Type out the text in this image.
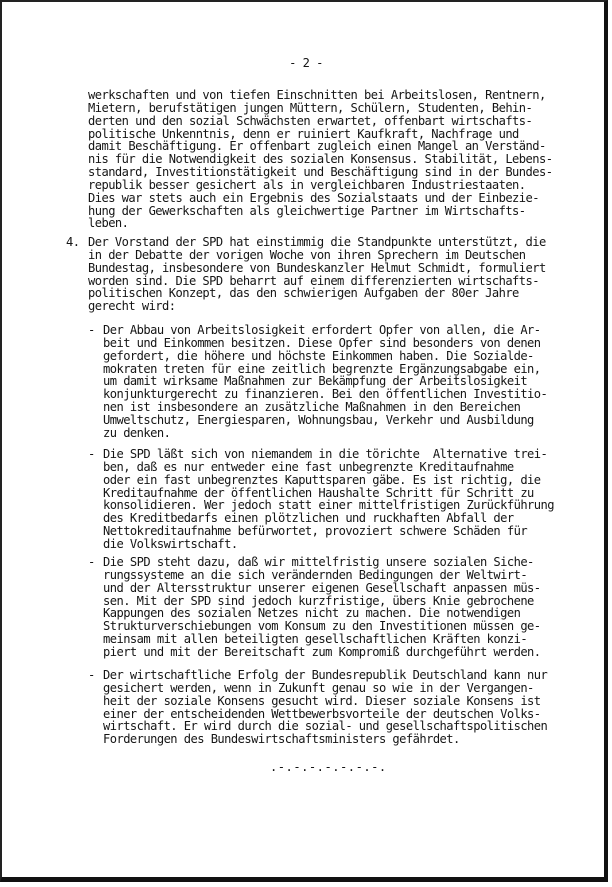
- 2 -
werkschaften und von tiefen Einschnitten bei Arbeitslosen, Rentnern,
Mietern, berufstätigen jungen Müttern, Schülern, Studenten, Behin-
derten und den sozial Schwächsten erwartet, offenbart wirtschafts-
politische Unkenntnis, denn er ruiniert Kaufkraft, Nachfrage und
damit Beschäftigung. Er offenbart zugleich einen Mangel an Verständ-
nis für die Notwendigkeit des sozialen Konsensus. Stabilität, Lebens-
standard, Investitionstätigkeit und Beschäftigung sind in der Bundes-
republik besser gesichert als in vergleichbaren Industriestaaten.
Dies war stets auch ein Ergebnis des Sozialstaats und der Einbezie-
hung der Gewerkschaften als gleichwertige Partner im Wirtschafts-
leben.
4. Der Vorstand der SPD hat einstimmig die Standpunkte unterstützt, die
in der Debatte der vorigen Woche von ihren Sprechern im Deutschen
Bundestag, insbesondere von Bundeskanzler Helmut Schmidt, formuliert
worden sind. Die SPD beharrt auf einem differenzierten wirtschafts-
politischen Konzept, das den schwierigen Aufgaben der 80er Jahre
gerecht wird:
- Der Abbau von Arbeitslosigkeit erfordert Opfer von allen, die Ar-
beit und Einkommen besitzen. Diese Opfer sind besonders von denen
gefordert, die höhere und höchste Einkommen haben. Die Sozialde-
mokraten treten für eine zeitlich begrenzte Ergänzungsabgabe ein,
um damit wirksame Maßnahmen zur Bekämpfung der Arbeitslosigkeit
konjunkturgerecht zu finanzieren. Bei den öffentlichen Investitio-
nen ist insbesondere an zusätzliche Maßnahmen in den Bereichen
Umweltschutz, Energiesparen, Wohnungsbau, Verkehr und Ausbildung
zu denken.
- Die SPD läßt sich von niemandem in die törichte  Alternative trei-
ben, daß es nur entweder eine fast unbegrenzte Kreditaufnahme
oder ein fast unbegrenztes Kaputtsparen gäbe. Es ist richtig, die
Kreditaufnahme der öffentlichen Haushalte Schritt für Schritt zu
konsolidieren. Wer jedoch statt einer mittelfristigen Zurückführung
des Kreditbedarfs einen plötzlichen und ruckhaften Abfall der
Nettokreditaufnahme befürwortet, provoziert schwere Schäden für
die Volkswirtschaft.
- Die SPD steht dazu, daß wir mittelfristig unsere sozialen Siche-
rungssysteme an die sich verändernden Bedingungen der Weltwirt-
und der Altersstruktur unserer eigenen Gesellschaft anpassen müs-
sen. Mit der SPD sind jedoch kurzfristige, übers Knie gebrochene
Kappungen des sozialen Netzes nicht zu machen. Die notwendigen
Strukturverschiebungen vom Konsum zu den Investitionen müssen ge-
meinsam mit allen beteiligten gesellschaftlichen Kräften konzi-
piert und mit der Bereitschaft zum Kompromiß durchgeführt werden.
- Der wirtschaftliche Erfolg der Bundesrepublik Deutschland kann nur
gesichert werden, wenn in Zukunft genau so wie in der Vergangen-
heit der soziale Konsens gesucht wird. Dieser soziale Konsens ist
einer der entscheidenden Wettbewerbsvorteile der deutschen Volks-
wirtschaft. Er wird durch die sozial- und gesellschaftspolitischen
Forderungen des Bundeswirtschaftsministers gefährdet.
.-.-.-.-.-.-.-.
